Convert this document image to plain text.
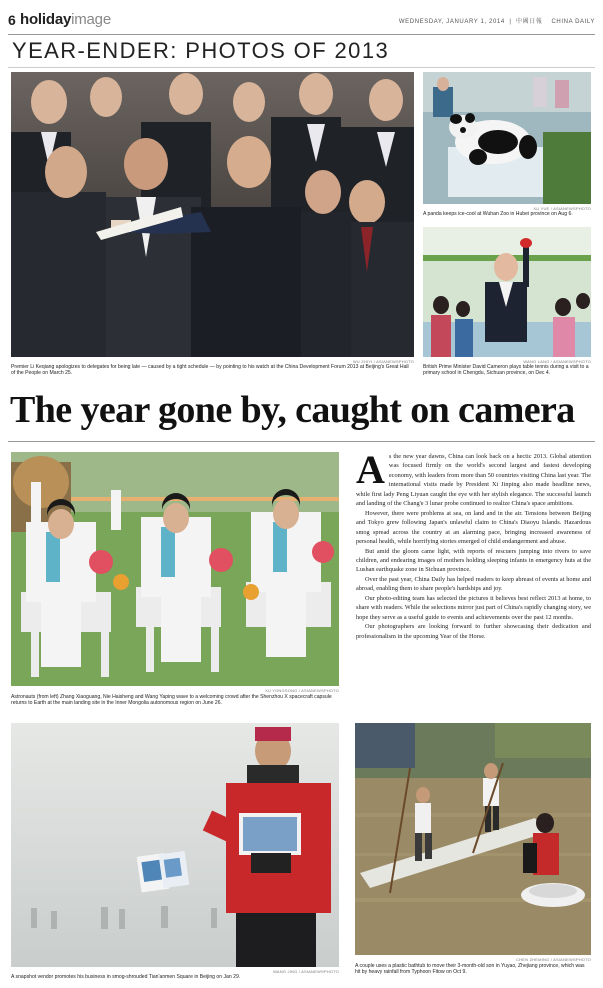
6 holidayimage	WEDNESDAY, JANUARY 1, 2014  |  中國日報 CHINA DAILY
YEAR-ENDER: PHOTOS OF 2013
WU ZHIYI / ASIANEWSPHOTO
Premier Li Keqiang apologizes to delegates for being late — caused by a tight schedule — by pointing to his watch at the China Development Forum 2013 at Beijing's Great Hall of the People on March 25.
XU YUE / ASIANEWSPHOTO
A panda keeps ice-cool at Wuhan Zoo in Hubei province on Aug 6.
WANG LANG / ASIANEWSPHOTO
British Prime Minister David Cameron plays table tennis during a visit to a primary school in Chengdu, Sichuan province, on Dec 4.
The year gone by, caught on camera
XU YONGSONG / ASIANEWSPHOTO
Astronauts (from left) Zhang Xiaoguang, Nie Haisheng and Wang Yaping wave to a welcoming crowd after the Shenzhou X spacecraft capsule returns to Earth at the main landing site in the Inner Mongolia autonomous region on June 26.

As the new year dawns, China can look back on a hectic 2013. Global attention was focused firmly on the world's second largest and fastest developing economy, with leaders from more than 50 countries visiting China last year. The international visits made by President Xi Jinping also made headline news, while first lady Peng Liyuan caught the eye with her stylish elegance. The successful launch and landing of the Chang'e 3 lunar probe continued to realize China's space ambitions.

However, there were problems at sea, on land and in the air. Tensions between Beijing and Tokyo grew following Japan's unlawful claim to China's Diaoyu Islands. Hazardous smog spread across the country at an alarming pace, bringing increased awareness of personal health, while horrifying stories emerged of child endangerment and abuse.

But amid the gloom came light, with reports of rescuers jumping into rivers to save children, and endearing images of mothers holding sleeping infants in emergency huts at the Lushan earthquake zone in Sichuan province.

Over the past year, China Daily has helped readers to keep abreast of events at home and abroad, enabling them to share people's hardships and joy.

Our photo-editing team has selected the pictures it believes best reflect 2013 at home, to share with readers. While the selections mirror just part of China's rapidly changing story, we hope they serve as a useful guide to events and achievements over the past 12 months.

Our photographers are looking forward to further showcasing their dedication and professionalism in the upcoming Year of the Horse.

WANG JING / ASIANEWSPHOTO
A snapshot vendor promotes his business in smog-shrouded Tian'anmen Square in Beijing on Jan 29.
CHEN ZHEMING / ASIANEWSPHOTO
A couple uses a plastic bathtub to move their 3-month-old son in Yuyao, Zhejiang province, which was hit by heavy rainfall from Typhoon Fitow on Oct 9.
